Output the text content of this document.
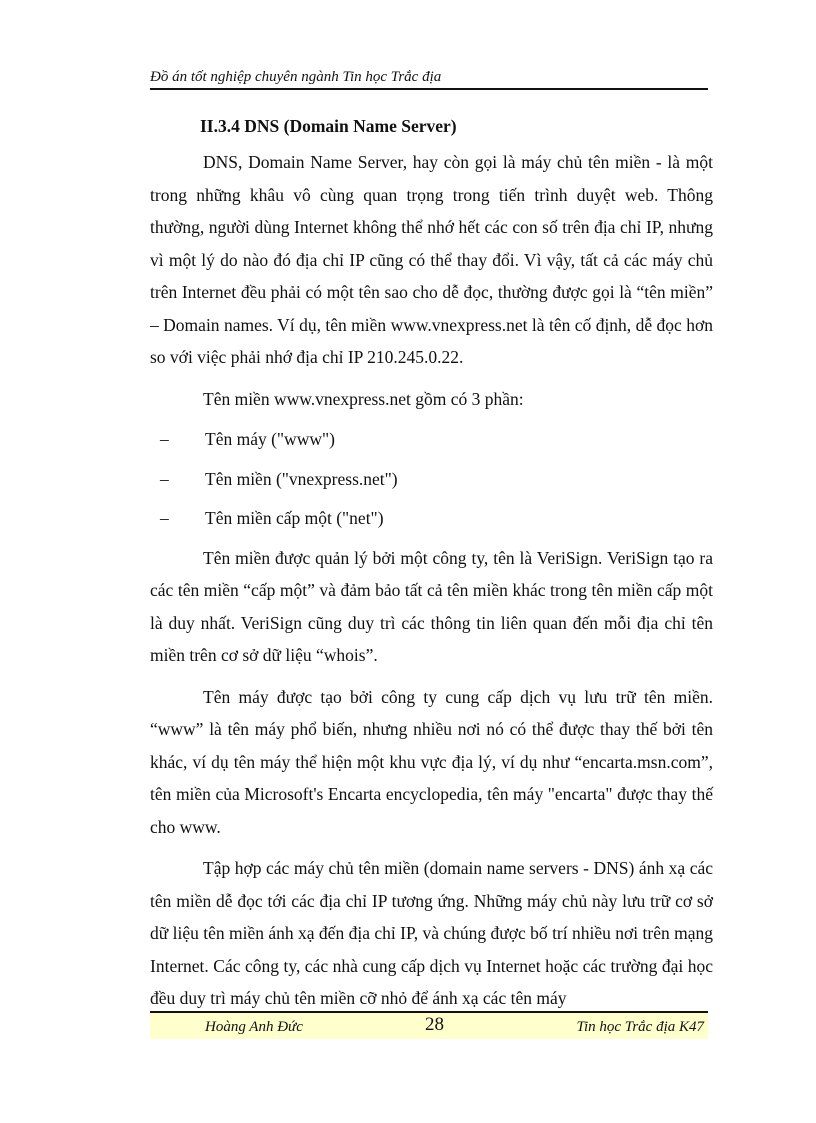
Đồ án tốt nghiệp chuyên ngành Tin học Trắc địa
II.3.4 DNS (Domain Name Server)

DNS, Domain Name Server, hay còn gọi là máy chủ tên miền - là một trong những khâu vô cùng quan trọng trong tiến trình duyệt web. Thông thường, người dùng Internet không thể nhớ hết các con số trên địa chỉ IP, nhưng vì một lý do nào đó địa chỉ IP cũng có thể thay đổi. Vì vậy, tất cả các máy chủ trên Internet đều phải có một tên sao cho dễ đọc, thường được gọi là “tên miền” – Domain names. Ví dụ, tên miền www.vnexpress.net là tên cố định, dễ đọc hơn so với việc phải nhớ địa chỉ IP 210.245.0.22.

Tên miền www.vnexpress.net gồm có 3 phần:

–	Tên máy ("www")
–	Tên miền ("vnexpress.net")
–	Tên miền cấp một ("net")

Tên miền được quản lý bởi một công ty, tên là VeriSign. VeriSign tạo ra các tên miền “cấp một” và đảm bảo tất cả tên miền khác trong tên miền cấp một là duy nhất. VeriSign cũng duy trì các thông tin liên quan đến mỗi địa chỉ tên miền trên cơ sở dữ liệu “whois”.

Tên máy được tạo bởi công ty cung cấp dịch vụ lưu trữ tên miền. “www” là tên máy phổ biến, nhưng nhiều nơi nó có thể được thay thế bởi tên khác, ví dụ tên máy thể hiện một khu vực địa lý, ví dụ như “encarta.msn.com”, tên miền của Microsoft's Encarta encyclopedia, tên máy "encarta" được thay thế cho www.

Tập hợp các máy chủ tên miền (domain name servers - DNS) ánh xạ các tên miền dễ đọc tới các địa chỉ IP tương ứng. Những máy chủ này lưu trữ cơ sở dữ liệu tên miền ánh xạ đến địa chỉ IP, và chúng được bố trí nhiều nơi trên mạng Internet. Các công ty, các nhà cung cấp dịch vụ Internet hoặc các trường đại học đều duy trì máy chủ tên miền cỡ nhỏ để ánh xạ các tên máy

Hoàng Anh Đức	28	Tin học Trắc địa K47
